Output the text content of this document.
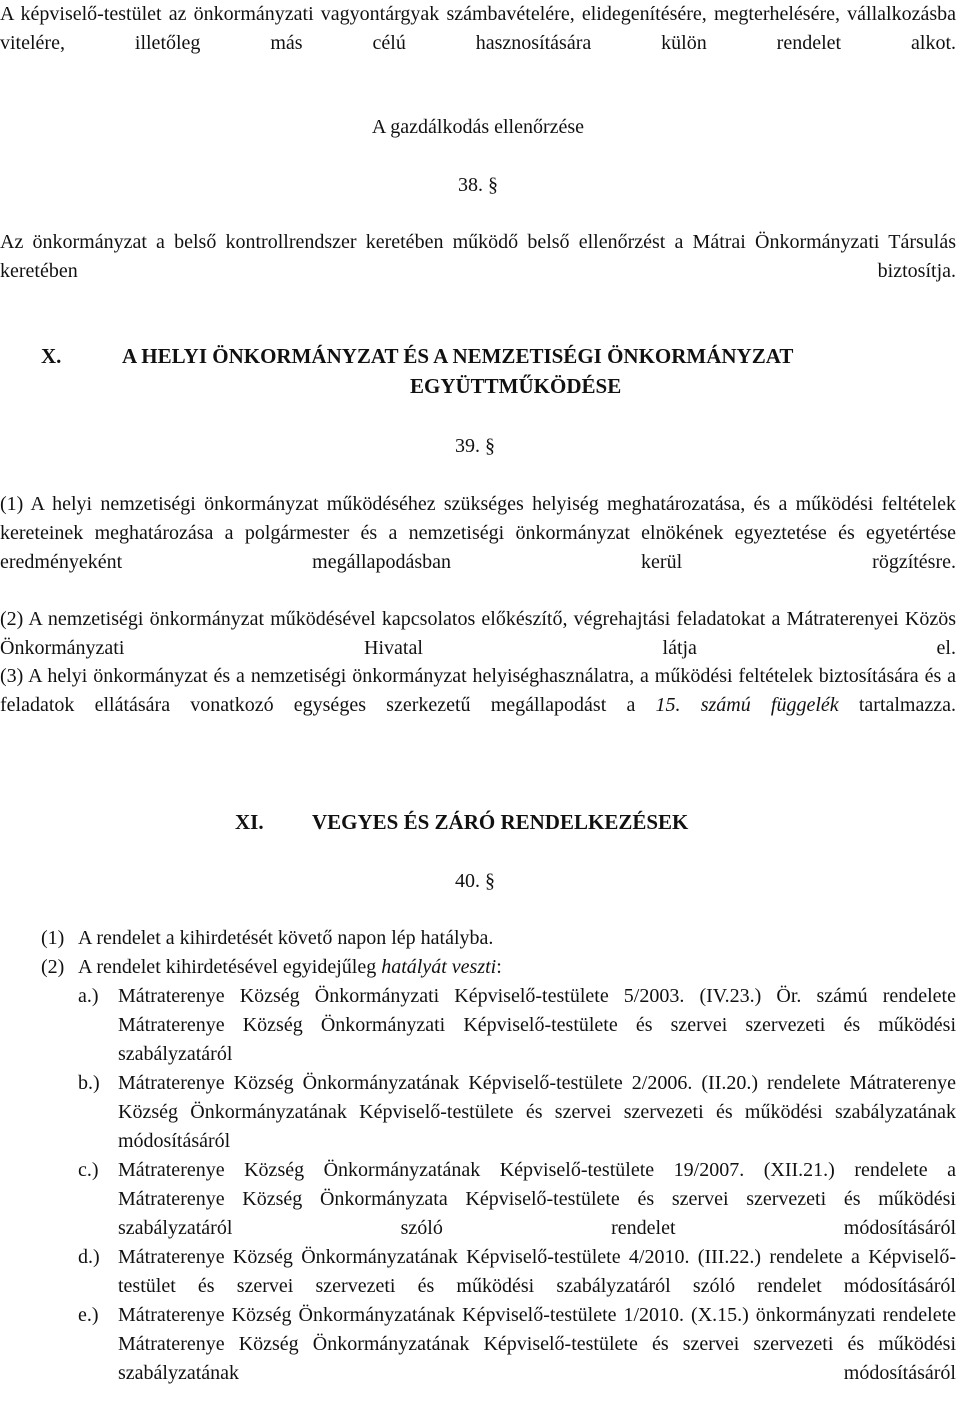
A képviselő-testület az önkormányzati vagyontárgyak számbavételére, elidegenítésére, megterhelésére, vállalkozásba vitelére, illetőleg más célú hasznosítására külön rendelet alkot.

A gazdálkodás ellenőrzése
38. §

Az önkormányzat a belső kontrollrendszer keretében működő belső ellenőrzést a Mátrai Önkormányzati Társulás keretében biztosítja.

X.	A HELYI ÖNKORMÁNYZAT ÉS A NEMZETISÉGI ÖNKORMÁNYZAT
EGYÜTTMŰKÖDÉSE
39. §

(1) A helyi nemzetiségi önkormányzat működéséhez szükséges helyiség meghatározatása, és a működési feltételek kereteinek meghatározása a polgármester és a nemzetiségi önkormányzat elnökének egyeztetése és egyetértése eredményeként megállapodásban kerül rögzítésre.

(2) A nemzetiségi önkormányzat működésével kapcsolatos előkészítő, végrehajtási feladatokat a Mátraterenyei Közös Önkormányzati Hivatal látja el.

(3) A helyi önkormányzat és a nemzetiségi önkormányzat helyiséghasználatra, a működési feltételek biztosítására és a feladatok ellátására vonatkozó egységes szerkezetű megállapodást a 15. számú függelék tartalmazza.

XI. VEGYES ÉS ZÁRÓ RENDELKEZÉSEK
40. §
(1) A rendelet a kihirdetését követő napon lép hatályba.
(2) A rendelet kihirdetésével egyidejűleg hatályát veszti:
a.) Mátraterenye Község Önkormányzati Képviselő-testülete 5/2003. (IV.23.) Ör. számú rendelete Mátraterenye Község Önkormányzati Képviselő-testülete és szervei szervezeti és működési szabályzatáról
b.) Mátraterenye Község Önkormányzatának Képviselő-testülete 2/2006. (II.20.) rendelete Mátraterenye Község Önkormányzatának Képviselő-testülete és szervei szervezeti és működési szabályzatának módosításáról
c.) Mátraterenye Község Önkormányzatának Képviselő-testülete 19/2007. (XII.21.) rendelete a Mátraterenye Község Önkormányzata Képviselő-testülete és szervei szervezeti és működési szabályzatáról szóló rendelet módosításáról
d.) Mátraterenye Község Önkormányzatának Képviselő-testülete 4/2010. (III.22.) rendelete a Képviselő-testület és szervei szervezeti és működési szabályzatáról szóló rendelet módosításáról
e.) Mátraterenye Község Önkormányzatának Képviselő-testülete 1/2010. (X.15.) önkormányzati rendelete Mátraterenye Község Önkormányzatának Képviselő-testülete és szervei szervezeti és működési szabályzatának módosításáról
